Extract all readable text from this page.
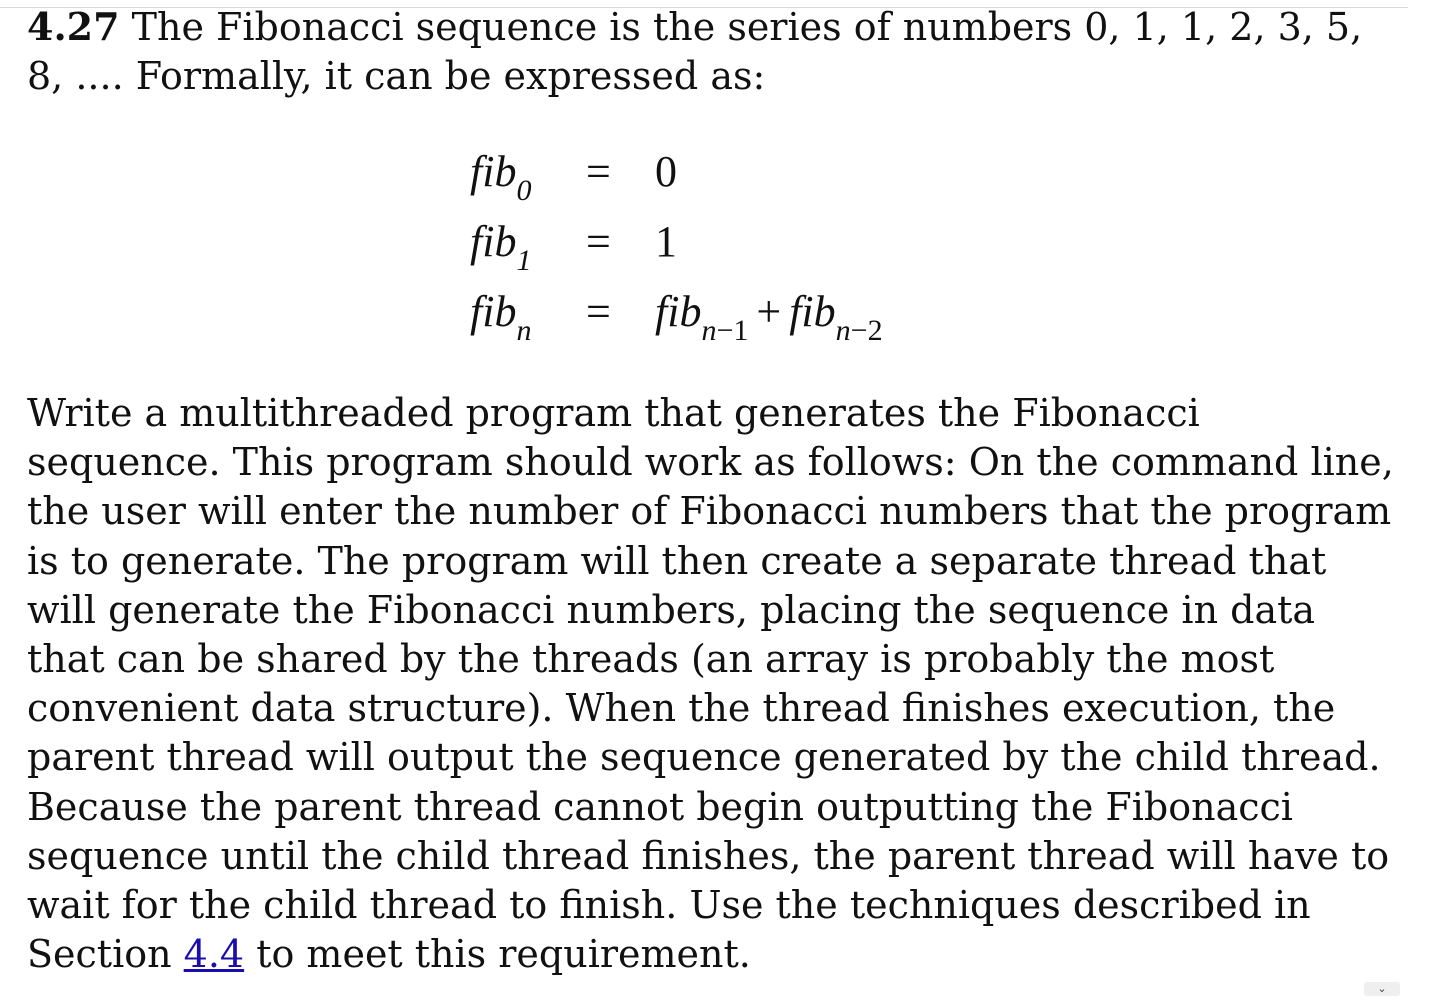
4.27 The Fibonacci sequence is the series of numbers 0, 1, 1, 2, 3, 5, 8, .... Formally, it can be expressed as:
fib$_0$	=	0
fib$_1$	=	1
fib$_n$	=	fib$_{n-1}$ + fib$_{n-2}$
Write a multithreaded program that generates the Fibonacci sequence. This program should work as follows: On the command line, the user will enter the number of Fibonacci numbers that the program is to generate. The program will then create a separate thread that will generate the Fibonacci numbers, placing the sequence in data that can be shared by the threads (an array is probably the most convenient data structure). When the thread finishes execution, the parent thread will output the sequence generated by the child thread. Because the parent thread cannot begin outputting the Fibonacci sequence until the child thread finishes, the parent thread will have to wait for the child thread to finish. Use the techniques described in Section 4.4 to meet this requirement.
⌄
